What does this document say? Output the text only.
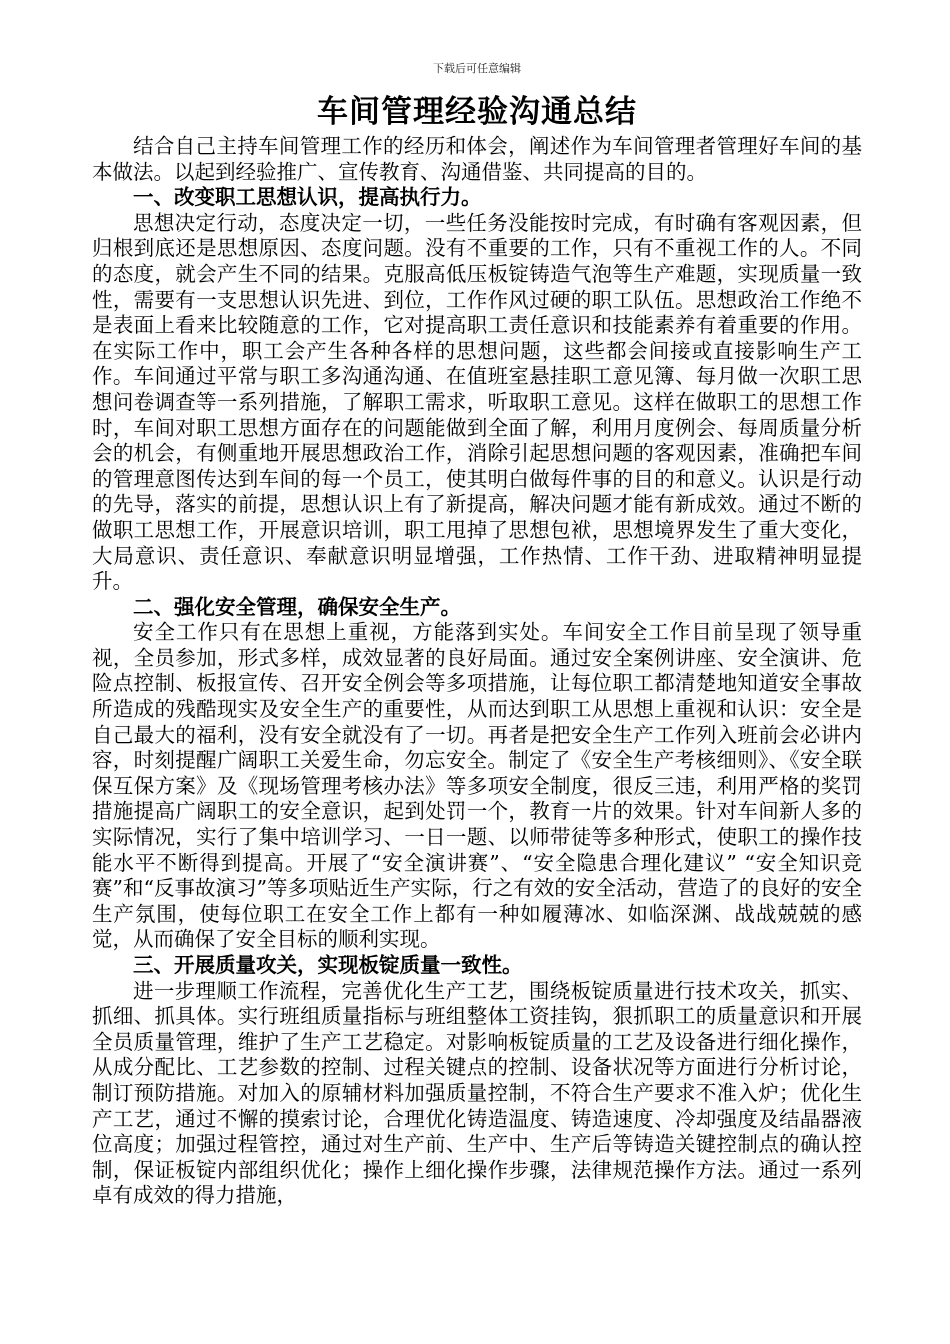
下载后可任意编辑
车间管理经验沟通总结

结合自己主持车间管理工作的经历和体会，阐述作为车间管理者管理好车间的基本做法。以起到经验推广、宣传教育、沟通借鉴、共同提高的目的。

一、改变职工思想认识，提高执行力。

思想决定行动，态度决定一切，一些任务没能按时完成，有时确有客观因素，但归根到底还是思想原因、态度问题。没有不重要的工作，只有不重视工作的人。不同的态度，就会产生不同的结果。克服高低压板锭铸造气泡等生产难题，实现质量一致性，需要有一支思想认识先进、到位，工作作风过硬的职工队伍。思想政治工作绝不是表面上看来比较随意的工作，它对提高职工责任意识和技能素养有着重要的作用。在实际工作中，职工会产生各种各样的思想问题，这些都会间接或直接影响生产工作。车间通过平常与职工多沟通沟通、在值班室悬挂职工意见簿、每月做一次职工思想问卷调查等一系列措施，了解职工需求，听取职工意见。这样在做职工的思想工作时，车间对职工思想方面存在的问题能做到全面了解，利用月度例会、每周质量分析会的机会，有侧重地开展思想政治工作，消除引起思想问题的客观因素，准确把车间的管理意图传达到车间的每一个员工，使其明白做每件事的目的和意义。认识是行动的先导，落实的前提，思想认识上有了新提高，解决问题才能有新成效。通过不断的做职工思想工作，开展意识培训，职工甩掉了思想包袱，思想境界发生了重大变化，大局意识、责任意识、奉献意识明显增强，工作热情、工作干劲、进取精神明显提升。

二、强化安全管理，确保安全生产。

安全工作只有在思想上重视，方能落到实处。车间安全工作目前呈现了领导重视，全员参加，形式多样，成效显著的良好局面。通过安全案例讲座、安全演讲、危险点控制、板报宣传、召开安全例会等多项措施，让每位职工都清楚地知道安全事故所造成的残酷现实及安全生产的重要性，从而达到职工从思想上重视和认识：安全是自己最大的福利，没有安全就没有了一切。再者是把安全生产工作列入班前会必讲内容，时刻提醒广阔职工关爱生命，勿忘安全。制定了《安全生产考核细则》、《安全联保互保方案》及《现场管理考核办法》等多项安全制度，很反三违，利用严格的奖罚措施提高广阔职工的安全意识，起到处罚一个，教育一片的效果。针对车间新人多的实际情况，实行了集中培训学习、一日一题、以师带徒等多种形式，使职工的操作技能水平不断得到提高。开展了“安全演讲赛”、“安全隐患合理化建议” “安全知识竞赛”和“反事故演习”等多项贴近生产实际，行之有效的安全活动，营造了的良好的安全生产氛围，使每位职工在安全工作上都有一种如履薄冰、如临深渊、战战兢兢的感觉，从而确保了安全目标的顺利实现。

三、开展质量攻关，实现板锭质量一致性。

进一步理顺工作流程，完善优化生产工艺，围绕板锭质量进行技术攻关，抓实、抓细、抓具体。实行班组质量指标与班组整体工资挂钩，狠抓职工的质量意识和开展全员质量管理，维护了生产工艺稳定。对影响板锭质量的工艺及设备进行细化操作，从成分配比、工艺参数的控制、过程关键点的控制、设备状况等方面进行分析讨论，制订预防措施。对加入的原辅材料加强质量控制，不符合生产要求不准入炉；优化生产工艺，通过不懈的摸索讨论，合理优化铸造温度、铸造速度、冷却强度及结晶器液位高度；加强过程管控，通过对生产前、生产中、生产后等铸造关键控制点的确认控制，保证板锭内部组织优化；操作上细化操作步骤，法律规范操作方法。通过一系列卓有成效的得力措施，
